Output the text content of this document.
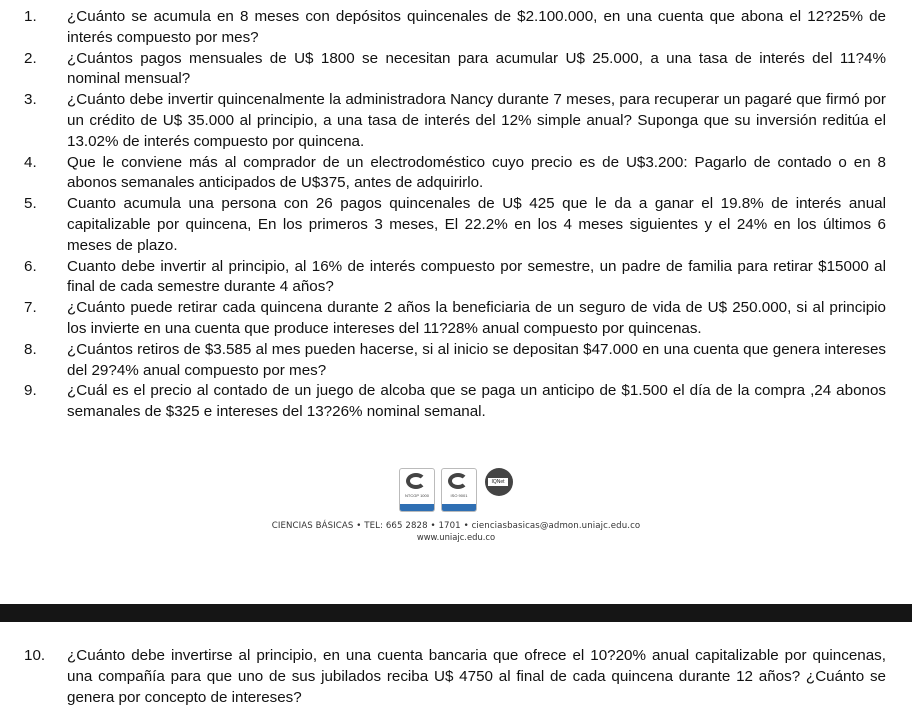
1. ¿Cuánto se acumula en 8 meses con depósitos quincenales de $2.100.000, en una cuenta que abona el 12?25% de interés compuesto por mes?
2. ¿Cuántos pagos mensuales de U$ 1800 se necesitan para acumular U$ 25.000, a una tasa de interés del 11?4% nominal mensual?
3. ¿Cuánto debe invertir quincenalmente la administradora Nancy durante 7 meses, para recuperar un pagaré que firmó por un crédito de U$ 35.000 al principio, a una tasa de interés del 12% simple anual? Suponga que su inversión reditúa el 13.02% de interés compuesto por quincena.
4. Que le conviene más al comprador de un electrodoméstico cuyo precio es de U$3.200: Pagarlo de contado o en 8 abonos semanales anticipados de U$375, antes de adquirirlo.
5. Cuanto acumula una persona con 26 pagos quincenales de U$ 425 que le da a ganar el 19.8% de interés anual capitalizable por quincena, En los primeros 3 meses, El 22.2% en los 4 meses siguientes y el 24% en los últimos 6 meses de plazo.
6. Cuanto debe invertir al principio, al 16% de interés compuesto por semestre, un padre de familia para retirar $15000 al final de cada semestre durante 4 años?
7. ¿Cuánto puede retirar cada quincena durante 2 años la beneficiaria de un seguro de vida de U$ 250.000, si al principio los invierte en una cuenta que produce intereses del 11?28% anual compuesto por quincenas.
8. ¿Cuántos retiros de $3.585 al mes pueden hacerse, si al inicio se depositan $47.000 en una cuenta que genera intereses del 29?4% anual compuesto por mes?
9. ¿Cuál es el precio al contado de un juego de alcoba que se paga un anticipo de $1.500 el día de la compra ,24 abonos semanales de $325 e intereses del 13?26% nominal semanal.
NTCGP 1000	ISO 9001
IQNet
CIENCIAS BÁSICAS • TEL: 665 2828 • 1701 • cienciasbasicas@admon.uniajc.edu.co
www.uniajc.edu.co
10. ¿Cuánto debe invertirse al principio, en una cuenta bancaria que ofrece el 10?20% anual capitalizable por quincenas, una compañía para que uno de sus jubilados reciba U$ 4750 al final de cada quincena durante 12 años? ¿Cuánto se genera por concepto de intereses?
